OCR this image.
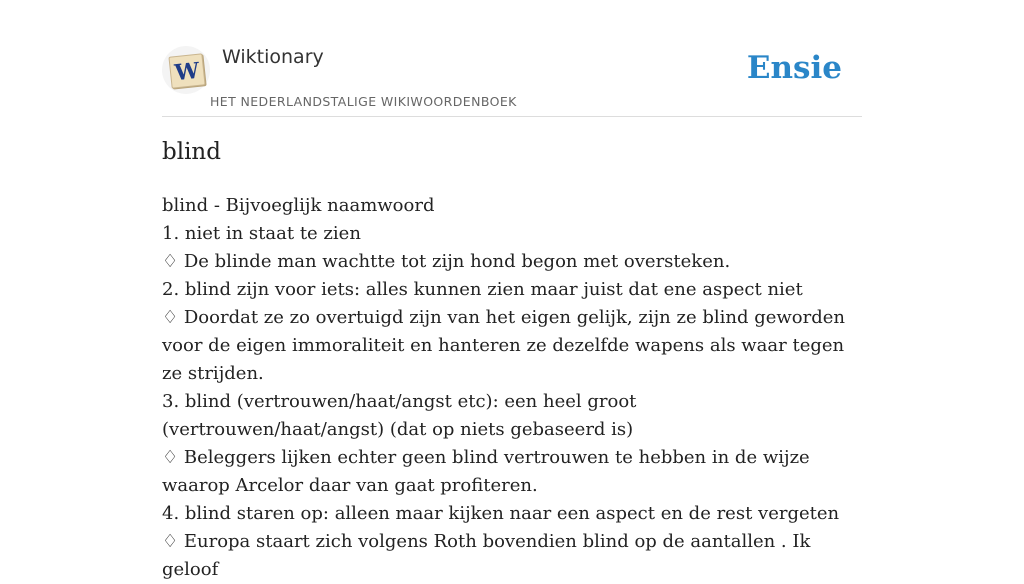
W
Wiktionary
HET NEDERLANDSTALIGE WIKIWOORDENBOEK
Ensie
blind
blind - Bijvoeglijk naamwoord
1. niet in staat te zien
♢ De blinde man wachtte tot zijn hond begon met oversteken.
2. blind zijn voor iets: alles kunnen zien maar juist dat ene aspect niet
♢ Doordat ze zo overtuigd zijn van het eigen gelijk, zijn ze blind geworden voor de eigen immoraliteit en hanteren ze dezelfde wapens als waar tegen ze strijden.
3. blind (vertrouwen/haat/angst etc): een heel groot (vertrouwen/haat/angst) (dat op niets gebaseerd is)
♢ Beleggers lijken echter geen blind vertrouwen te hebben in de wijze waarop Arcelor daar van gaat profiteren.
4. blind staren op: alleen maar kijken naar een aspect en de rest vergeten
♢ Europa staart zich volgens Roth bovendien blind op de aantallen . Ik geloof
